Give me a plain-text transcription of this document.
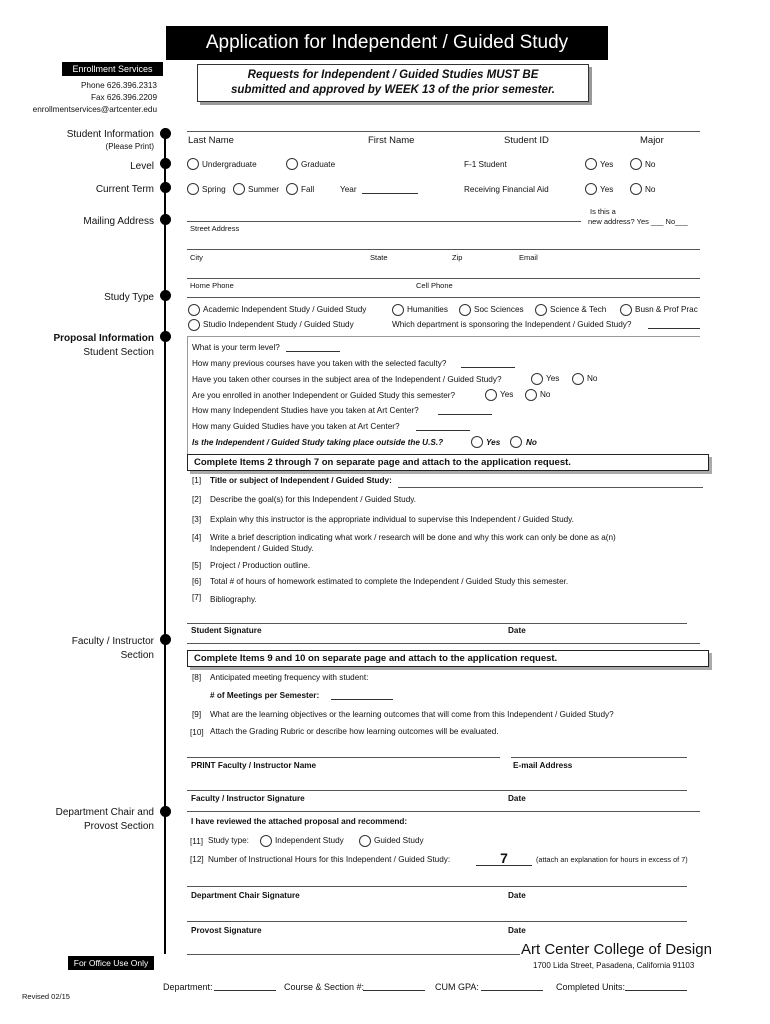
Application for Independent / Guided Study
Enrollment Services
Phone 626.396.2313
Fax 626.396.2209
enrollmentservices@artcenter.edu
Requests for Independent / Guided Studies MUST BE
submitted and approved by WEEK 13 of the prior semester.
Student Information
(Please Print)
Level
Current Term
Mailing Address
Study Type
Proposal Information
Student Section
Faculty / Instructor
Section
Department Chair and
Provost Section
Last Name	First Name	Student ID	Major
Undergraduate	Graduate	F-1 Student	Yes	No
Spring	Summer	Fall	Year	Receiving Financial Aid	Yes	No
Is this a
new address? Yes ___ No___
Street Address
City	State	Zip	Email
Home Phone	Cell Phone
Academic Independent Study / Guided Study	Humanities	Soc Sciences	Science & Tech	Busn & Prof Prac
Studio Independent Study / Guided Study	Which department is sponsoring the Independent / Guided Study?
What is your term level?
How many previous courses have you taken with the selected faculty?
Have you taken other courses in the subject area of the Independent / Guided Study?	Yes	No
Are you enrolled in another Independent or Guided Study this semester?	Yes	No
How many Independent Studies have you taken at Art Center?
How many Guided Studies have you taken at Art Center?
Is the Independent / Guided Study taking place outside the U.S.?	Yes	No
Complete Items 2 through 7 on separate page and attach to the application request.
[1] Title or subject of Independent / Guided Study:
[2] Describe the goal(s) for this Independent / Guided Study.
[3] Explain why this instructor is the appropriate individual to supervise this Independent / Guided Study.
[4] Write a brief description indicating what work / research will be done and why this work can only be done as a(n)
Independent / Guided Study.
[5] Project / Production outline.
[6] Total # of hours of homework estimated to complete the Independent / Guided Study this semester.
[7] Bibliography.
Student Signature	Date
Complete Items 9 and 10 on separate page and attach to the application request.
[8] Anticipated meeting frequency with student:
# of Meetings per Semester:
[9] What are the learning objectives or the learning outcomes that will come from this Independent / Guided Study?
[10] Attach the Grading Rubric or describe how learning outcomes will be evaluated.
PRINT Faculty / Instructor Name	E-mail Address
Faculty / Instructor Signature	Date
I have reviewed the attached proposal and recommend:
[11] Study type:	Independent Study	Guided Study
[12] Number of Instructional Hours for this Independent / Guided Study:	7	(attach an explanation for hours in excess of 7)
Department Chair Signature	Date
Provost Signature	Date
Art Center College of Design
1700 Lida Street, Pasadena, California 91103
For Office Use Only
Department:	Course & Section #:	CUM GPA:	Completed Units:
Revised 02/15
